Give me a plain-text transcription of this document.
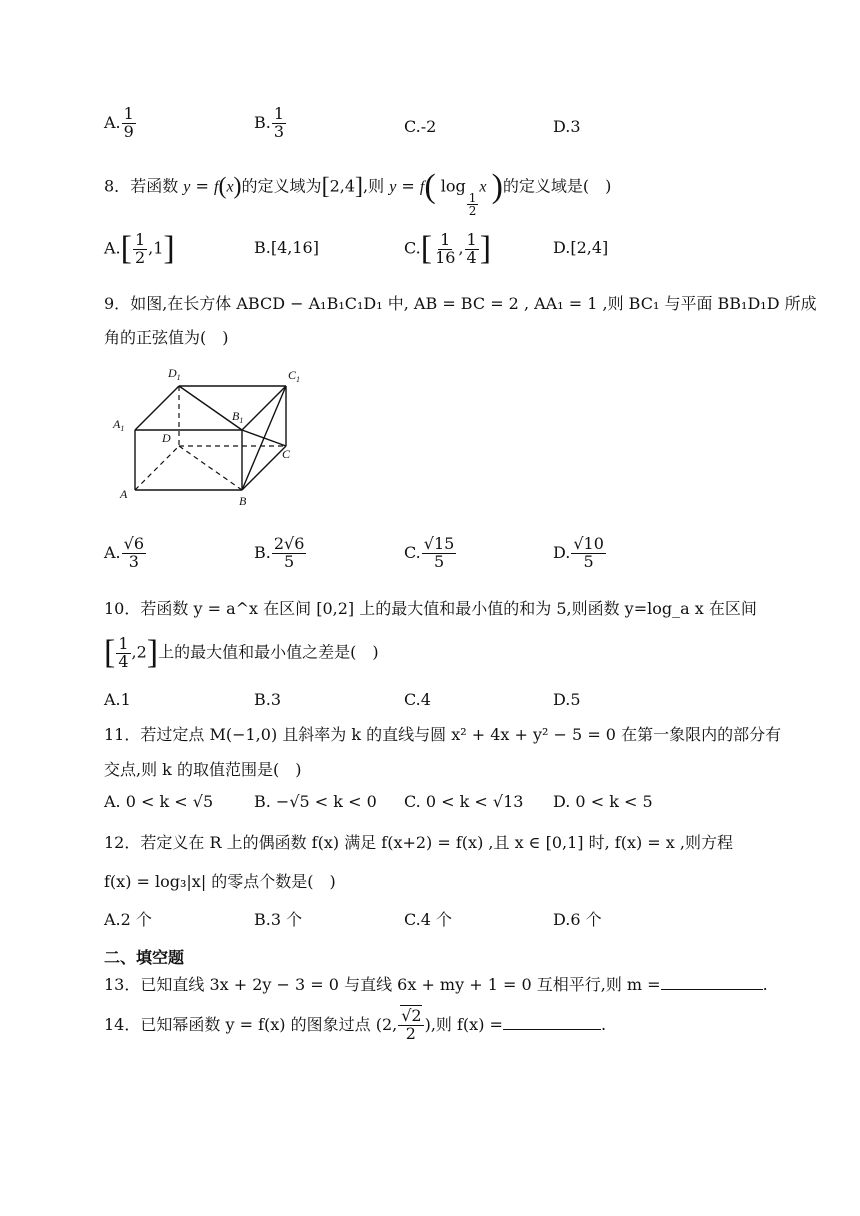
A. $\frac{1}{9}$	B. $\frac{1}{3}$	C.-2	D.3
8．若函数 y = f(x)的定义域为[2,4],则 y = f( log
$\frac{1}{2}$
x )的定义域是( )
$A.[ \frac{1}{2} ,1]$	B.[4,16]	$C.[ \frac{1}{16}$ , $\frac{1}{4}$ ]	D.[2,4]
9．如图,在长方体 ABCD − A₁B₁C₁D₁ 中, AB = BC = 2 , AA₁ = 1 ,则 BC₁ 与平面 BB₁D₁D 所成
角的正弦值为( )
$D_1$	$C_1$
$A_1$
$B_1$
D
C
A	B
A. $\frac{√6}{3}$	B. $\frac{2√6}{5}$	C. $\frac{√15}{5}$	D. $\frac{√10}{5}$
10．若函数 y = a^x 在区间 [0,2] 上的最大值和最小值的和为 5,则函数 y=log_a x 在区间
[ $\frac{1}{4} ,2$]上的最大值和最小值之差是( )
A.1	B.3	C.4	D.5
11．若过定点 M(−1,0) 且斜率为 k 的直线与圆 x² + 4x + y² − 5 = 0 在第一象限内的部分有
交点,则 k 的取值范围是( )
A. 0 < k < √5	B. −√5 < k < 0 C. 0 < k < √13 D. 0 < k < 5
12．若定义在 R 上的偶函数 f(x) 满足 f(x+2) = f(x) ,且 x ∈ [0,1] 时, f(x) = x ,则方程
f(x) = log₃|x| 的零点个数是( )
A.2 个	B.3 个	C.4 个	D.6 个
二、填空题
13．已知直线 3x + 2y − 3 = 0 与直线 6x + my + 1 = 0 互相平行,则 m =	.
14．已知幂函数 y = f(x) 的图象过点 (2, $\frac{√2}{2}$ ),则 f(x) =	.
